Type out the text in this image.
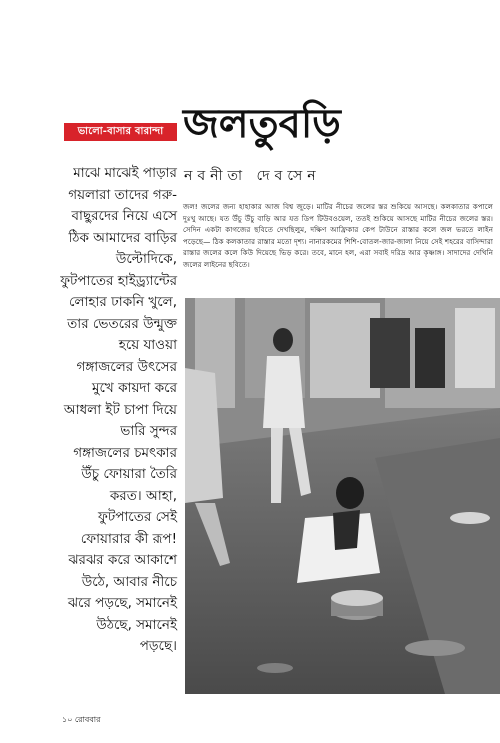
ভালো-বাসার বারান্দা জলতুবড়ি
নবনীতা দেবসেন
মাঝে মাঝেই পাড়ার গয়লারা তাদের গরু-বাছুরদের নিয়ে এসে ঠিক আমাদের বাড়ির উল্টোদিকে, ফুটপাতের হাইড্র্যান্টের লোহার ঢাকনি খুলে, তার ভেতরের উন্মুক্ত হয়ে যাওয়া গঙ্গাজলের উৎসের মুখে কায়দা করে আধলা ইট চাপা দিয়ে ভারি সুন্দর গঙ্গাজলের চমৎকার উঁচু ফোয়ারা তৈরি করত। আহা, ফুটপাতের সেই ফোয়ারার কী রূপ! ঝরঝর করে আকাশে উঠে, আবার নীচে ঝরে পড়ছে, সমানেই উঠছে, সমানেই পড়ছে।
জল! জলের জন্য হাহাকার আজ বিশ্ব জুড়ে। মাটির নীচের জলের স্তর শুকিয়ে আসছে। কলকাতার কপালে দুঃখু আছে। যত উঁচু উঁচু বাড়ি আর যত ডিপ টিউবওয়েল, ততই শুকিয়ে আসছে মাটির নীচের জলের স্তর। সেদিন একটা কাগজের ছবিতে দেখছিলুম, দক্ষিণ আফ্রিকার কেপ টাউনে রাস্তার কলে জল ভরতে লাইন পড়েছে— ঠিক কলকাতার রাস্তার মতো দৃশ্য। নানারকমের শিশি-বোতল-জার-জালা নিয়ে সেই শহরের বাসিন্দারা রাস্তার জলের কলে কিউ দিয়েছে ভিড় করে। তবে, মানে হল, এরা সবাই দরিদ্র আর কৃষ্ণাঙ্গ। সাদাদের দেখিনি জলের লাইনের ছবিতে।
১০ রোববার
